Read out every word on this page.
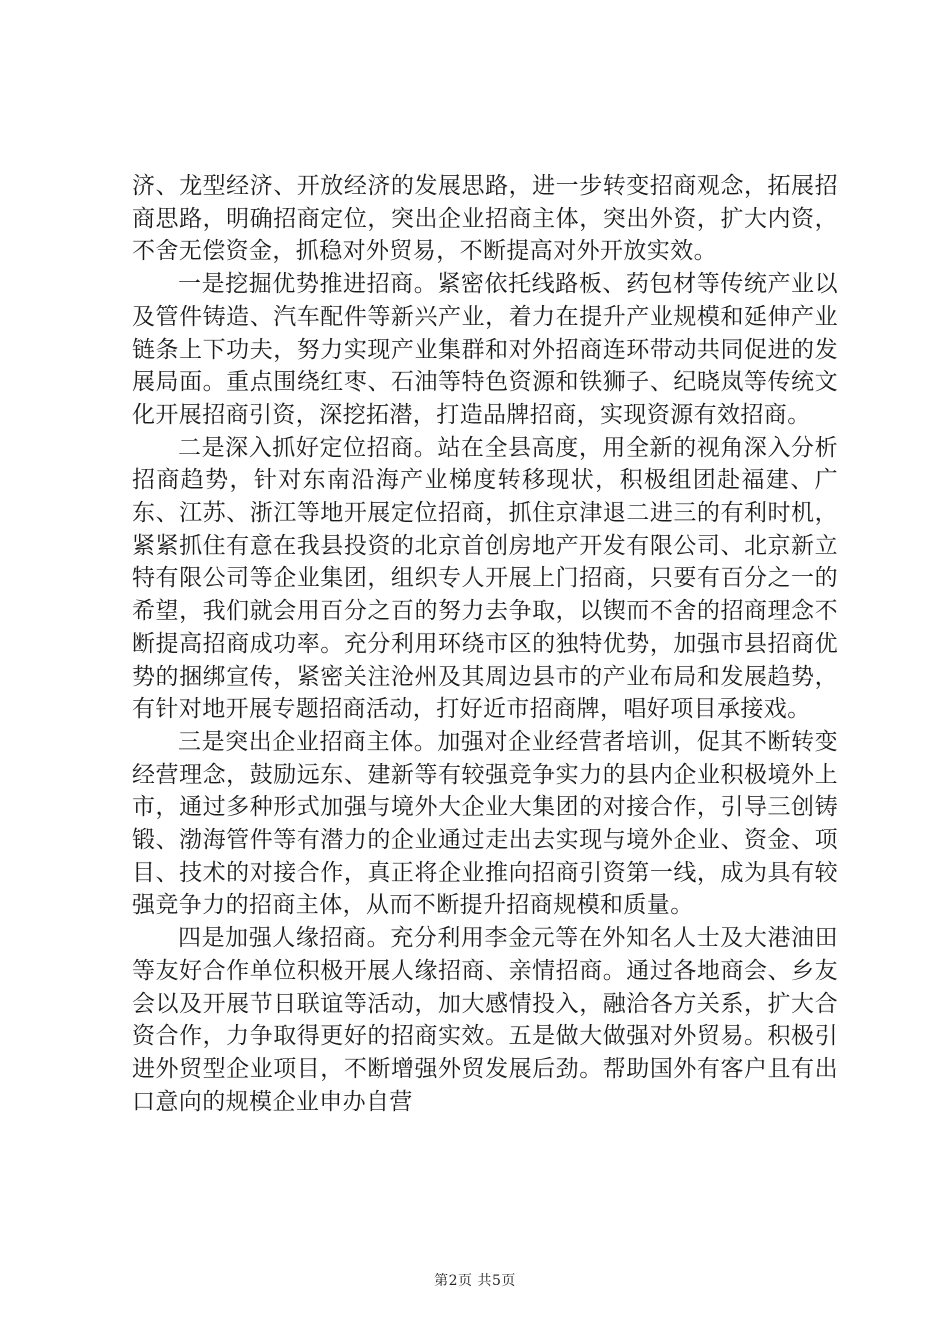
济、龙型经济、开放经济的发展思路，进一步转变招商观念，拓展招商思路，明确招商定位，突出企业招商主体，突出外资，扩大内资，不舍无偿资金，抓稳对外贸易，不断提高对外开放实效。

一是挖掘优势推进招商。紧密依托线路板、药包材等传统产业以及管件铸造、汽车配件等新兴产业，着力在提升产业规模和延伸产业链条上下功夫，努力实现产业集群和对外招商连环带动共同促进的发展局面。重点围绕红枣、石油等特色资源和铁狮子、纪晓岚等传统文化开展招商引资，深挖拓潜，打造品牌招商，实现资源有效招商。

二是深入抓好定位招商。站在全县高度，用全新的视角深入分析招商趋势，针对东南沿海产业梯度转移现状，积极组团赴福建、广东、江苏、浙江等地开展定位招商，抓住京津退二进三的有利时机，紧紧抓住有意在我县投资的北京首创房地产开发有限公司、北京新立特有限公司等企业集团，组织专人开展上门招商，只要有百分之一的希望，我们就会用百分之百的努力去争取，以锲而不舍的招商理念不断提高招商成功率。充分利用环绕市区的独特优势，加强市县招商优势的捆绑宣传，紧密关注沧州及其周边县市的产业布局和发展趋势，有针对地开展专题招商活动，打好近市招商牌，唱好项目承接戏。

三是突出企业招商主体。加强对企业经营者培训，促其不断转变经营理念，鼓励远东、建新等有较强竞争实力的县内企业积极境外上市，通过多种形式加强与境外大企业大集团的对接合作，引导三创铸锻、渤海管件等有潜力的企业通过走出去实现与境外企业、资金、项目、技术的对接合作，真正将企业推向招商引资第一线，成为具有较强竞争力的招商主体，从而不断提升招商规模和质量。

四是加强人缘招商。充分利用李金元等在外知名人士及大港油田等友好合作单位积极开展人缘招商、亲情招商。通过各地商会、乡友会以及开展节日联谊等活动，加大感情投入，融洽各方关系，扩大合资合作，力争取得更好的招商实效。五是做大做强对外贸易。积极引进外贸型企业项目，不断增强外贸发展后劲。帮助国外有客户且有出口意向的规模企业申办自营

第2页 共5页
